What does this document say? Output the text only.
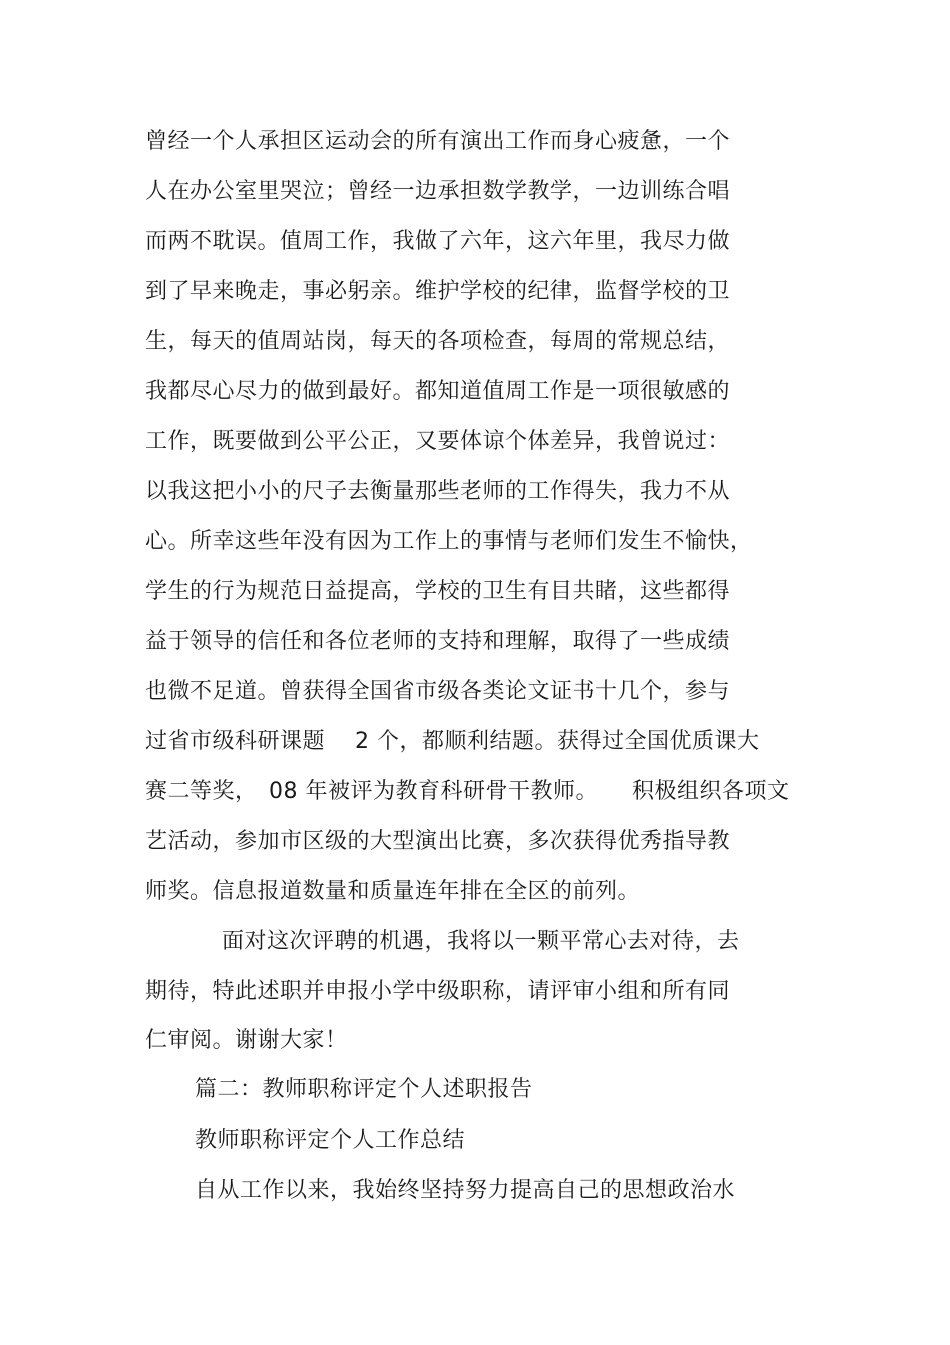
曾经一个人承担区运动会的所有演出工作而身心疲惫，一个
人在办公室里哭泣；曾经一边承担数学教学，一边训练合唱
而两不耽误。值周工作，我做了六年，这六年里，我尽力做
到了早来晚走，事必躬亲。维护学校的纪律，监督学校的卫
生，每天的值周站岗，每天的各项检查，每周的常规总结，
我都尽心尽力的做到最好。都知道值周工作是一项很敏感的
工作，既要做到公平公正，又要体谅个体差异，我曾说过：
以我这把小小的尺子去衡量那些老师的工作得失，我力不从
心。所幸这些年没有因为工作上的事情与老师们发生不愉快，
学生的行为规范日益提高，学校的卫生有目共睹，这些都得
益于领导的信任和各位老师的支持和理解，取得了一些成绩
也微不足道。曾获得全国省市级各类论文证书十几个，参与
过省市级科研课题　 2 个，都顺利结题。获得过全国优质课大
赛二等奖，　08 年被评为教育科研骨干教师。　　积极组织各项文
艺活动，参加市区级的大型演出比赛，多次获得优秀指导教
师奖。信息报道数量和质量连年排在全区的前列。
面对这次评聘的机遇，我将以一颗平常心去对待，去
期待，特此述职并申报小学中级职称，请评审小组和所有同
仁审阅。谢谢大家！
篇二：教师职称评定个人述职报告
教师职称评定个人工作总结
自从工作以来，我始终坚持努力提高自己的思想政治水
